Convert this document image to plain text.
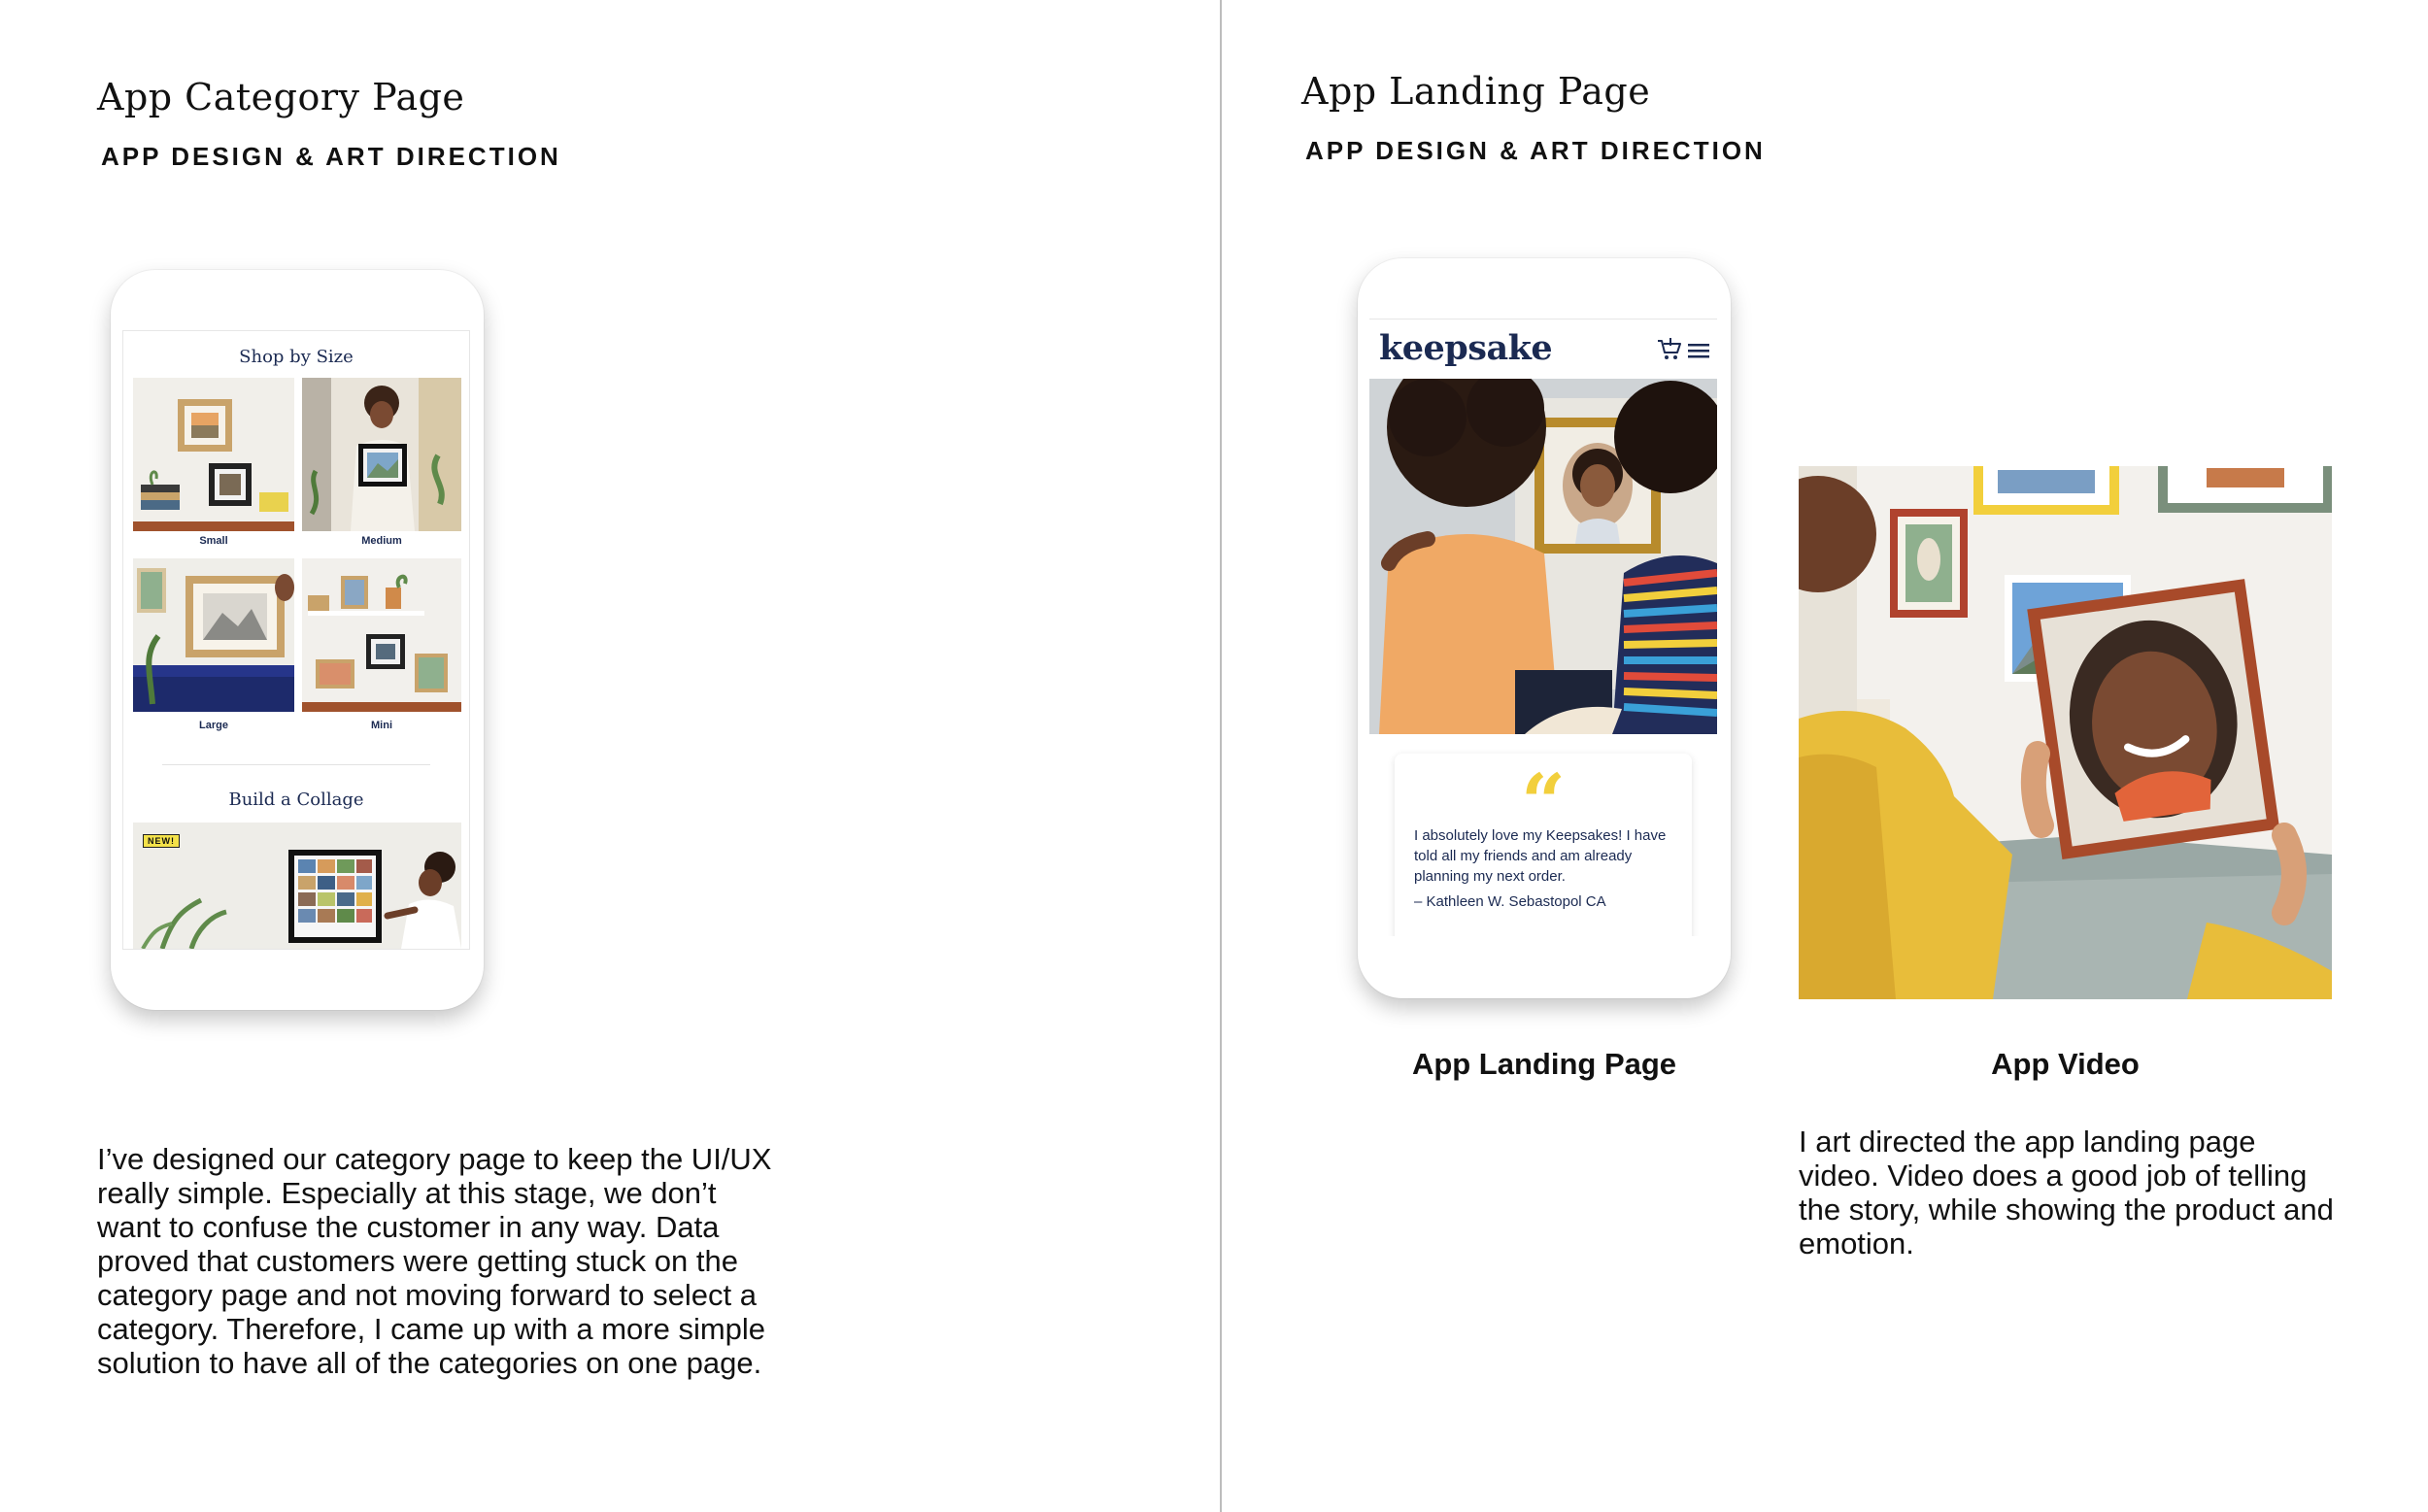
App Category Page
APP DESIGN & ART DIRECTION
Shop by Size
Small	Medium
Large	Mini
Build a Collage
NEW!
I’ve designed our category page to keep the UI/UX really simple. Especially at this stage, we don’t want to confuse the customer in any way. Data proved that customers were getting stuck on the category page and not moving forward to select a category. Therefore, I came up with a more simple solution to have all of the categories on one page.
App Landing Page
APP DESIGN & ART DIRECTION
keepsake
“
I absolutely love my Keepsakes! I have told all my friends and am already planning my next order.
– Kathleen W. Sebastopol CA
App Landing Page	App Video
I art directed the app landing page video. Video does a good job of telling the story, while showing the product and emotion.
